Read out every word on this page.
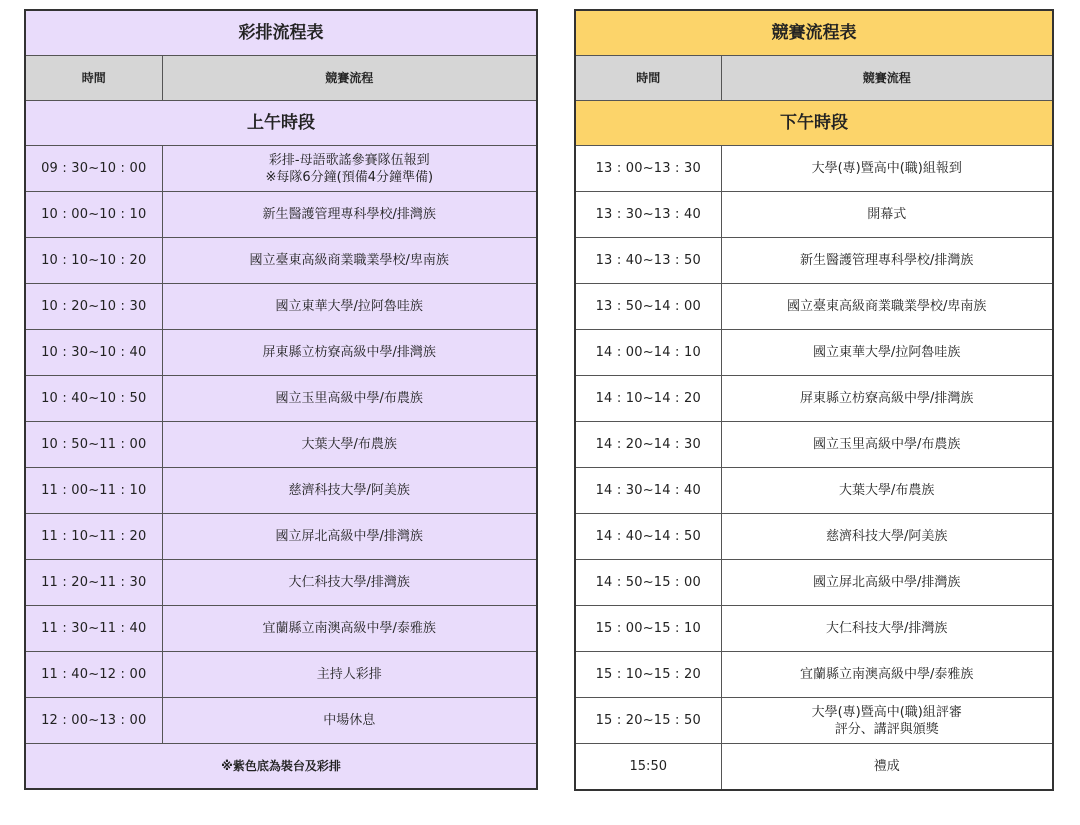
彩排流程表	
時間	競賽流程
上午時段	
09 : 30~10 : 00	彩排-母語歌謠參賽隊伍報到
※每隊6分鐘(預備4分鐘準備)

10 : 00~10 : 10	新生醫護管理專科學校/排灣族
10 : 10~10 : 20	國立臺東高級商業職業學校/卑南族
10 : 20~10 : 30	國立東華大學/拉阿魯哇族
10 : 30~10 : 40	屏東縣立枋寮高級中學/排灣族
10 : 40~10 : 50	國立玉里高級中學/布農族
10 : 50~11 : 00	大葉大學/布農族
11 : 00~11 : 10	慈濟科技大學/阿美族
11 : 10~11 : 20	國立屏北高級中學/排灣族
11 : 20~11 : 30	大仁科技大學/排灣族
11 : 30~11 : 40	宜蘭縣立南澳高級中學/泰雅族
11 : 40~12 : 00	主持人彩排
12 : 00~13 : 00	中場休息
※紫色底為裝台及彩排	
競賽流程表	
時間	競賽流程
下午時段	
13 : 00~13 : 30	大學(專)暨高中(職)組報到
13 : 30~13 : 40	開幕式
13 : 40~13 : 50	新生醫護管理專科學校/排灣族
13 : 50~14 : 00	國立臺東高級商業職業學校/卑南族
14 : 00~14 : 10	國立東華大學/拉阿魯哇族
14 : 10~14 : 20	屏東縣立枋寮高級中學/排灣族
14 : 20~14 : 30	國立玉里高級中學/布農族
14 : 30~14 : 40	大葉大學/布農族
14 : 40~14 : 50	慈濟科技大學/阿美族
14 : 50~15 : 00	國立屏北高級中學/排灣族
15 : 00~15 : 10	大仁科技大學/排灣族
15 : 10~15 : 20	宜蘭縣立南澳高級中學/泰雅族
15 : 20~15 : 50	大學(專)暨高中(職)組評審
評分、講評與頒獎

15:50	禮成
